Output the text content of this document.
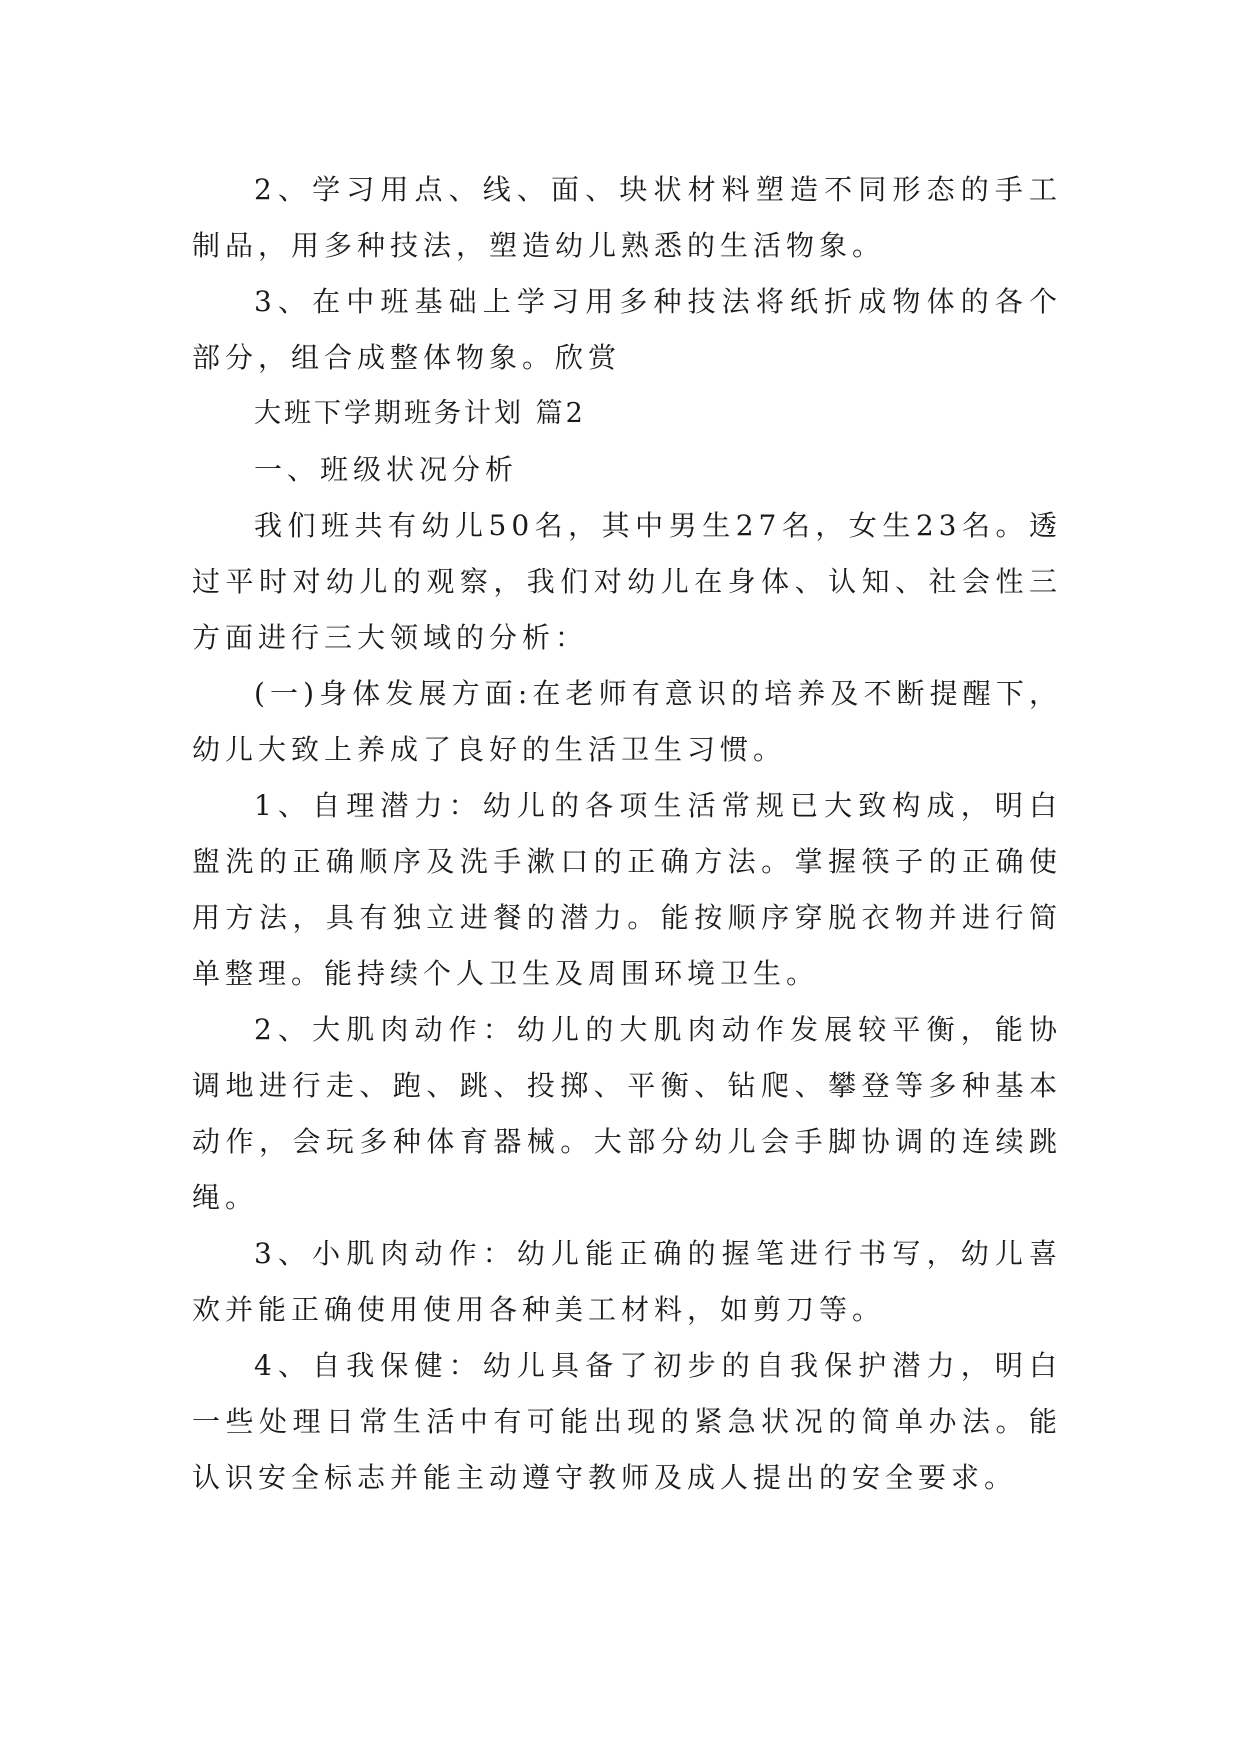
2、学习用点、线、面、块状材料塑造不同形态的手工制品，用多种技法，塑造幼儿熟悉的生活物象。

3、在中班基础上学习用多种技法将纸折成物体的各个部分，组合成整体物象。欣赏

大班下学期班务计划 篇2

一、班级状况分析

我们班共有幼儿50名，其中男生27名，女生23名。透过平时对幼儿的观察，我们对幼儿在身体、认知、社会性三方面进行三大领域的分析：

(一)身体发展方面:在老师有意识的培养及不断提醒下，幼儿大致上养成了良好的生活卫生习惯。

1、自理潜力：幼儿的各项生活常规已大致构成，明白盥洗的正确顺序及洗手漱口的正确方法。掌握筷子的正确使用方法，具有独立进餐的潜力。能按顺序穿脱衣物并进行简单整理。能持续个人卫生及周围环境卫生。

2、大肌肉动作：幼儿的大肌肉动作发展较平衡，能协调地进行走、跑、跳、投掷、平衡、钻爬、攀登等多种基本动作，会玩多种体育器械。大部分幼儿会手脚协调的连续跳绳。

3、小肌肉动作：幼儿能正确的握笔进行书写，幼儿喜欢并能正确使用使用各种美工材料，如剪刀等。

4、自我保健：幼儿具备了初步的自我保护潜力，明白一些处理日常生活中有可能出现的紧急状况的简单办法。能认识安全标志并能主动遵守教师及成人提出的安全要求。
